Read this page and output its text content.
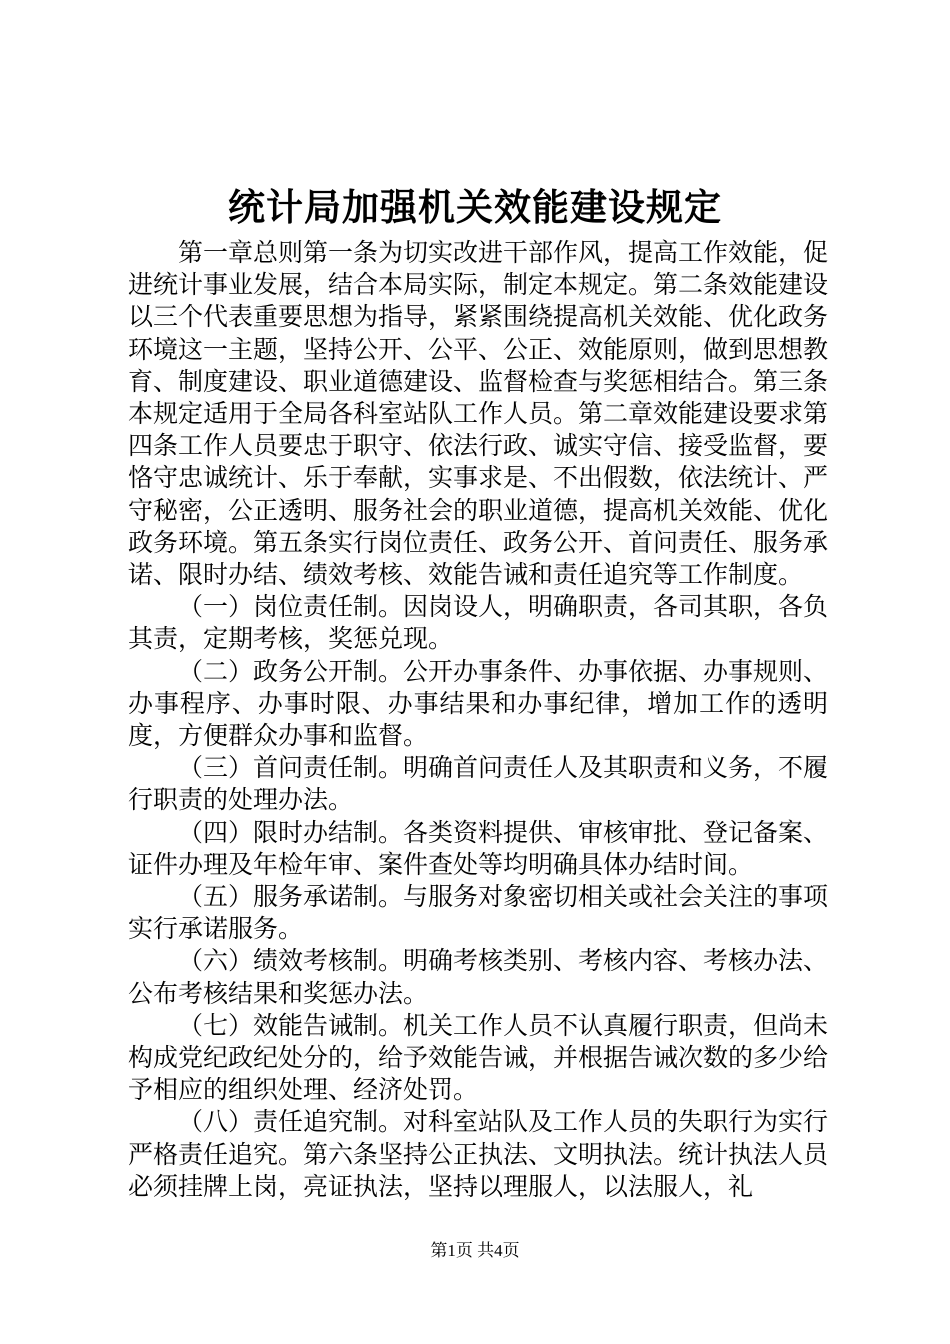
统计局加强机关效能建设规定

第一章总则第一条为切实改进干部作风，提高工作效能，促进统计事业发展，结合本局实际，制定本规定。第二条效能建设以三个代表重要思想为指导，紧紧围绕提高机关效能、优化政务环境这一主题，坚持公开、公平、公正、效能原则，做到思想教育、制度建设、职业道德建设、监督检查与奖惩相结合。第三条本规定适用于全局各科室站队工作人员。第二章效能建设要求第四条工作人员要忠于职守、依法行政、诚实守信、接受监督，要恪守忠诚统计、乐于奉献，实事求是、不出假数，依法统计、严守秘密，公正透明、服务社会的职业道德，提高机关效能、优化政务环境。第五条实行岗位责任、政务公开、首问责任、服务承诺、限时办结、绩效考核、效能告诫和责任追究等工作制度。

（一）岗位责任制。因岗设人，明确职责，各司其职，各负其责，定期考核，奖惩兑现。

（二）政务公开制。公开办事条件、办事依据、办事规则、办事程序、办事时限、办事结果和办事纪律，增加工作的透明度，方便群众办事和监督。

（三）首问责任制。明确首问责任人及其职责和义务，不履行职责的处理办法。

（四）限时办结制。各类资料提供、审核审批、登记备案、证件办理及年检年审、案件查处等均明确具体办结时间。

（五）服务承诺制。与服务对象密切相关或社会关注的事项实行承诺服务。

（六）绩效考核制。明确考核类别、考核内容、考核办法、公布考核结果和奖惩办法。

（七）效能告诫制。机关工作人员不认真履行职责，但尚未构成党纪政纪处分的，给予效能告诫，并根据告诫次数的多少给予相应的组织处理、经济处罚。

（八）责任追究制。对科室站队及工作人员的失职行为实行严格责任追究。第六条坚持公正执法、文明执法。统计执法人员必须挂牌上岗，亮证执法，坚持以理服人，以法服人，礼

第1页 共4页
